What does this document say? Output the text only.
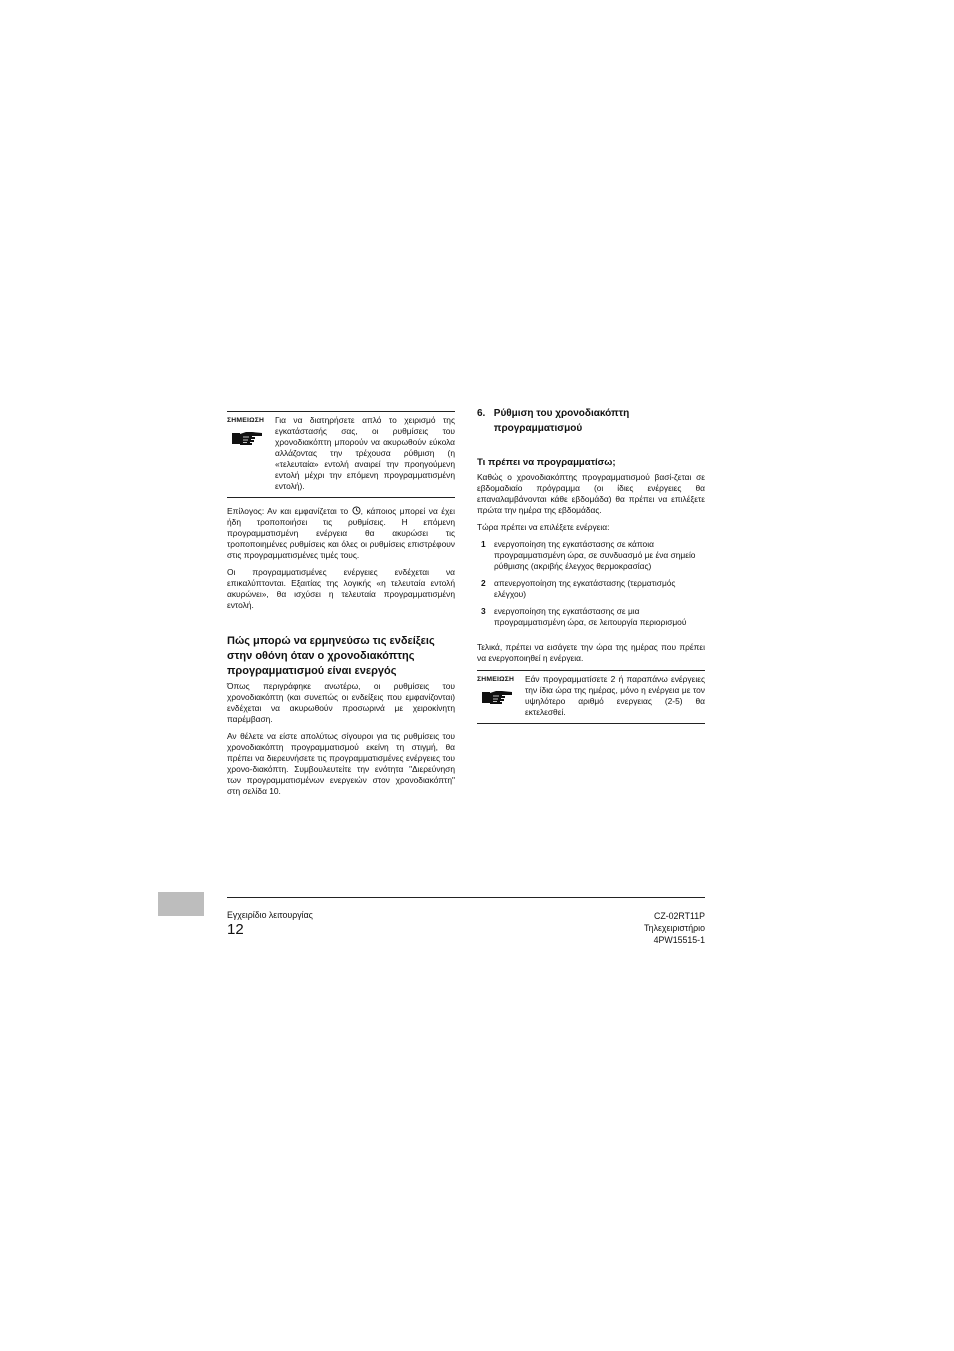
ΣΗΜΕΙΩΣΗ Για να διατηρήσετε απλό το χειρισμό της εγκατάστασής σας, οι ρυθμίσεις του χρονοδιακόπτη μπορούν να ακυρωθούν εύκολα αλλάζοντας την τρέχουσα ρύθμιση (η «τελευταία» εντολή αναιρεί την προηγούμενη εντολή μέχρι την επόμενη προγραμματισμένη εντολή).

Επίλογος: Αν και εμφανίζεται το , κάποιος μπορεί να έχει ήδη τροποποιήσει τις ρυθμίσεις. Η επόμενη προγραμματισμένη ενέργεια θα ακυρώσει τις τροποποιημένες ρυθμίσεις και όλες οι ρυθμίσεις επιστρέφουν στις προγραμματισμένες τιμές τους.

Οι προγραμματισμένες ενέργειες ενδέχεται να επικαλύπτονται. Εξαιτίας της λογικής «η τελευταία εντολή ακυρώνει», θα ισχύσει η τελευταία προγραμματισμένη εντολή.

Πώς μπορώ να ερμηνεύσω τις ενδείξεις στην οθόνη όταν ο χρονοδιακόπτης προγραμματισμού είναι ενεργός

Όπως περιγράφηκε ανωτέρω, οι ρυθμίσεις του χρονοδιακόπτη (και συνεπώς οι ενδείξεις που εμφανίζονται) ενδέχεται να ακυρωθούν προσωρινά με χειροκίνητη παρέμβαση.

Αν θέλετε να είστε απολύτως σίγουροι για τις ρυθμίσεις του χρονοδιακόπτη προγραμματισμού εκείνη τη στιγμή, θα πρέπει να διερευνήσετε τις προγραμματισμένες ενέργειες του χρονο-διακόπτη. Συμβουλευτείτε την ενότητα "Διερεύνηση των προγραμματισμένων ενεργειών στον χρονοδιακόπτη" στη σελίδα 10.

6. Ρύθμιση του χρονοδιακόπτη προγραμματισμού
Τι πρέπει να προγραμματίσω;

Καθώς ο χρονοδιακόπτης προγραμματισμού βασί-ζεται σε εβδομαδιαίο πρόγραμμα (οι ίδιες ενέργειες θα επαναλαμβάνονται κάθε εβδομάδα) θα πρέπει να επιλέξετε πρώτα την ημέρα της εβδομάδας.

Τώρα πρέπει να επιλέξετε ενέργεια:

1 ενεργοποίηση της εγκατάστασης σε κάποια προγραμματισμένη ώρα, σε συνδυασμό με ένα σημείο ρύθμισης (ακριβής έλεγχος θερμοκρασίας)
2 απενεργοποίηση της εγκατάστασης (τερματισμός ελέγχου)
3 ενεργοποίηση της εγκατάστασης σε μια προγραμματισμένη ώρα, σε λειτουργία περιορισμού

Τελικά, πρέπει να εισάγετε την ώρα της ημέρας που πρέπει να ενεργοποιηθεί η ενέργεια.

ΣΗΜΕΙΩΣΗ Εάν προγραμματίσετε 2 ή παραπάνω ενέργειες την ίδια ώρα της ημέρας, μόνο η ενέργεια με τον υψηλότερο αριθμό ενεργειας (2-5) θα εκτελεσθεί.
Εγχειρίδιο λειτουργίας
12
CZ-02RT11P
Τηλεχειριστήριο
4PW15515-1
